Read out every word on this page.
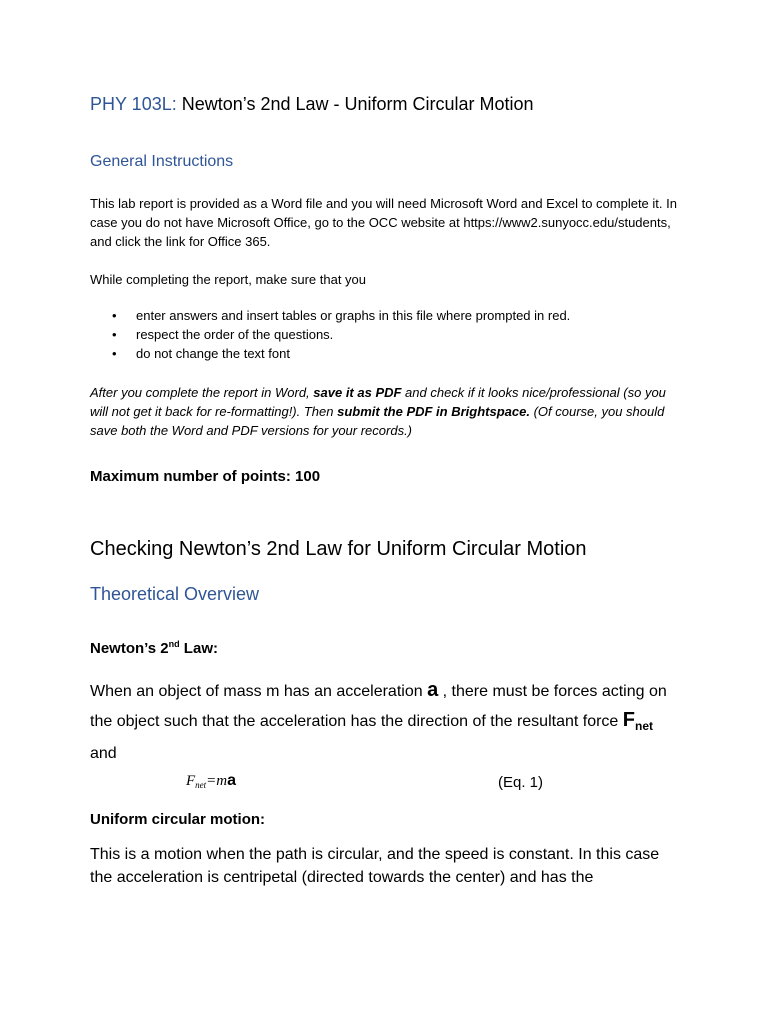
PHY 103L: Newton’s 2nd Law - Uniform Circular Motion
General Instructions
This lab report is provided as a Word file and you will need Microsoft Word and Excel to complete it. In case you do not have Microsoft Office, go to the OCC website at https://www2.sunyocc.edu/students, and click the link for Office 365.
While completing the report, make sure that you
• enter answers and insert tables or graphs in this file where prompted in red.
• respect the order of the questions.
• do not change the text font
After you complete the report in Word, save it as PDF and check if it looks nice/professional (so you will not get it back for re-formatting!). Then submit the PDF in Brightspace. (Of course, you should save both the Word and PDF versions for your records.)
Maximum number of points: 100
Checking Newton’s 2nd Law for Uniform Circular Motion
Theoretical Overview
Newton’s 2nd Law:
When an object of mass m has an acceleration a , there must be forces acting on the object such that the acceleration has the direction of the resultant force $F_{net}$
and
$F_{net}=ma$	(Eq. 1)
Uniform circular motion:
This is a motion when the path is circular, and the speed is constant. In this case the acceleration is centripetal (directed towards the center) and has the
